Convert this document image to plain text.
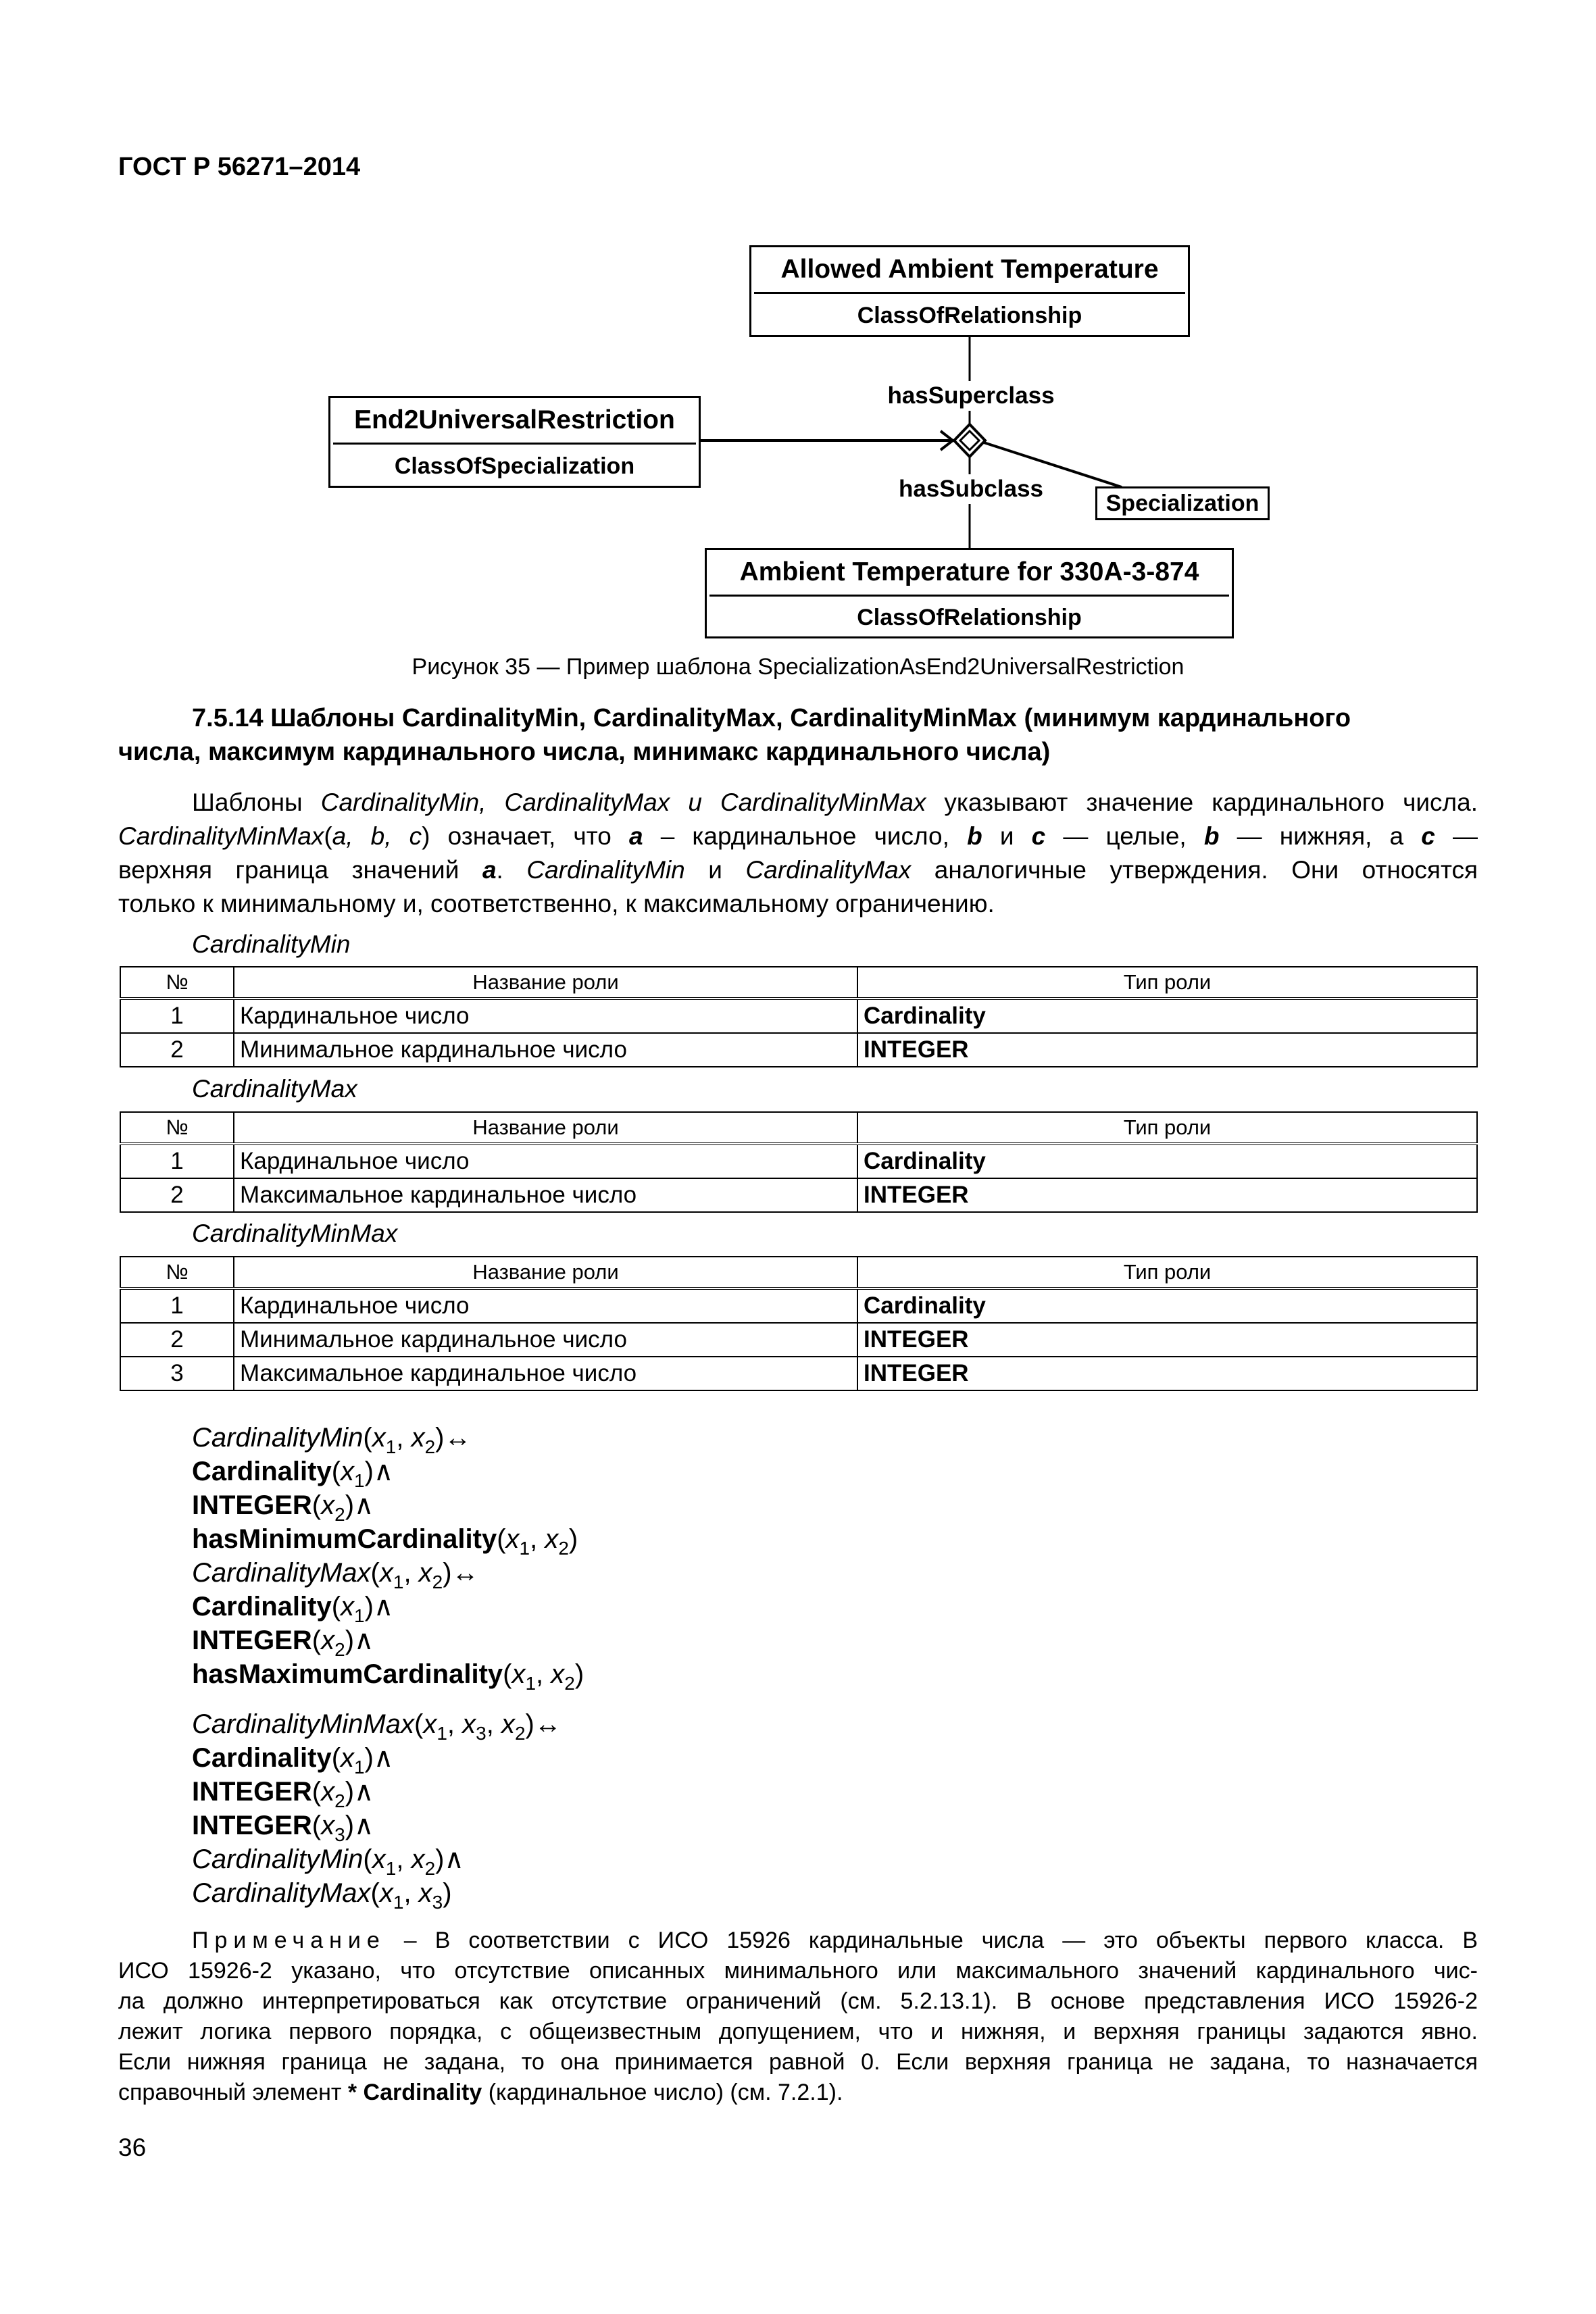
ГОСТ Р 56271–2014
Allowed Ambient Temperature
ClassOfRelationship
End2UniversalRestriction
ClassOfSpecialization
Ambient Temperature for 330A-3-874
ClassOfRelationship
Specialization
hasSuperclass
hasSubclass
Рисунок 35 — Пример шаблона SpecializationAsEnd2UniversalRestriction
7.5.14 Шаблоны CardinalityMin, CardinalityMax, CardinalityMinMax (минимум кардинального
числа, максимум кардинального числа, минимакс кардинального числа)
Шаблоны CardinalityMin, CardinalityMax и CardinalityMinMax указывают значение кардинального числа.
CardinalityMinMax(a, b, c) означает, что a – кардинальное число, b и c — целые, b — нижняя, а c —
верхняя граница значений a. CardinalityMin и CardinalityMax аналогичные утверждения. Они относятся
только к минимальному и, соответственно, к максимальному ограничению.
CardinalityMin
№	Название роли	Тип роли
1	Кардинальное число	Cardinality
2	Минимальное кардинальное число	INTEGER
CardinalityMax
№	Название роли	Тип роли
1	Кардинальное число	Cardinality
2	Максимальное кардинальное число	INTEGER
CardinalityMinMax
№	Название роли	Тип роли
1	Кардинальное число	Cardinality
2	Минимальное кардинальное число	INTEGER
3	Максимальное кардинальное число	INTEGER
$CardinalityMin(x_1$, $x_2)\leftrightarrow$
$Cardinality(x_1)\wedge$
$INTEGER(x_2)\wedge$
$hasMinimumCardinality(x_1$, $x_2$)
$CardinalityMax(x_1$, $x_2)\leftrightarrow$
$Cardinality(x_1)\wedge$
$INTEGER(x_2)\wedge$
$hasMaximumCardinality(x_1$, $x_2$)
$CardinalityMinMax(x_1$, $x_3$, $x_2)\leftrightarrow$
$Cardinality(x_1)\wedge$
$INTEGER(x_2)\wedge$
$INTEGER(x_3)\wedge$
$CardinalityMin(x_1$, $x_2)\wedge$
$CardinalityMax(x_1$, $x_3$)
Примечание – В соответствии с ИСО 15926 кардинальные числа — это объекты первого класса. В
ИСО 15926-2 указано, что отсутствие описанных минимального или максимального значений кардинального чис-
ла должно интерпретироваться как отсутствие ограничений (см. 5.2.13.1). В основе представления ИСО 15926-2
лежит логика первого порядка, с общеизвестным допущением, что и нижняя, и верхняя границы задаются явно.
Если нижняя граница не задана, то она принимается равной 0. Если верхняя граница не задана, то назначается
справочный элемент * Cardinality (кардинальное число) (см. 7.2.1).
36
